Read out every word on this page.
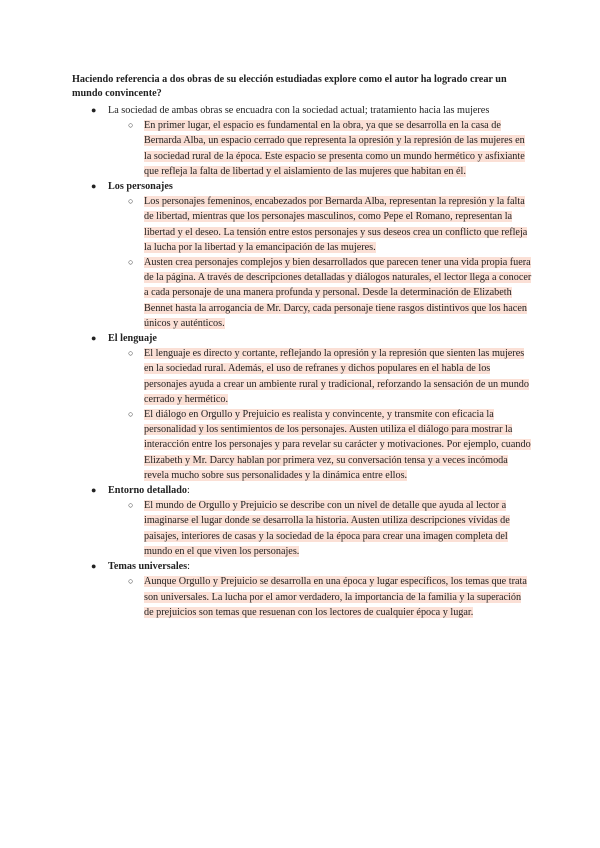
Haciendo referencia a dos obras de su elección estudiadas explore como el autor ha logrado crear un mundo convincente?
● La sociedad de ambas obras se encuadra con la sociedad actual; tratamiento hacia las mujeres
○ En primer lugar, el espacio es fundamental en la obra, ya que se desarrolla en la casa de Bernarda Alba, un espacio cerrado que representa la opresión y la represión de las mujeres en la sociedad rural de la época. Este espacio se presenta como un mundo hermético y asfixiante que refleja la falta de libertad y el aislamiento de las mujeres que habitan en él.
● Los personajes
○ Los personajes femeninos, encabezados por Bernarda Alba, representan la represión y la falta de libertad, mientras que los personajes masculinos, como Pepe el Romano, representan la libertad y el deseo. La tensión entre estos personajes y sus deseos crea un conflicto que refleja la lucha por la libertad y la emancipación de las mujeres.
○ Austen crea personajes complejos y bien desarrollados que parecen tener una vida propia fuera de la página. A través de descripciones detalladas y diálogos naturales, el lector llega a conocer a cada personaje de una manera profunda y personal. Desde la determinación de Elizabeth Bennet hasta la arrogancia de Mr. Darcy, cada personaje tiene rasgos distintivos que los hacen únicos y auténticos.
● El lenguaje
○ El lenguaje es directo y cortante, reflejando la opresión y la represión que sienten las mujeres en la sociedad rural. Además, el uso de refranes y dichos populares en el habla de los personajes ayuda a crear un ambiente rural y tradicional, reforzando la sensación de un mundo cerrado y hermético.
○ El diálogo en Orgullo y Prejuicio es realista y convincente, y transmite con eficacia la personalidad y los sentimientos de los personajes. Austen utiliza el diálogo para mostrar la interacción entre los personajes y para revelar su carácter y motivaciones. Por ejemplo, cuando Elizabeth y Mr. Darcy hablan por primera vez, su conversación tensa y a veces incómoda revela mucho sobre sus personalidades y la dinámica entre ellos.
● Entorno detallado:
○ El mundo de Orgullo y Prejuicio se describe con un nivel de detalle que ayuda al lector a imaginarse el lugar donde se desarrolla la historia. Austen utiliza descripciones vívidas de paisajes, interiores de casas y la sociedad de la época para crear una imagen completa del mundo en el que viven los personajes.
● Temas universales:
○ Aunque Orgullo y Prejuicio se desarrolla en una época y lugar específicos, los temas que trata son universales. La lucha por el amor verdadero, la importancia de la familia y la superación de prejuicios son temas que resuenan con los lectores de cualquier época y lugar.
